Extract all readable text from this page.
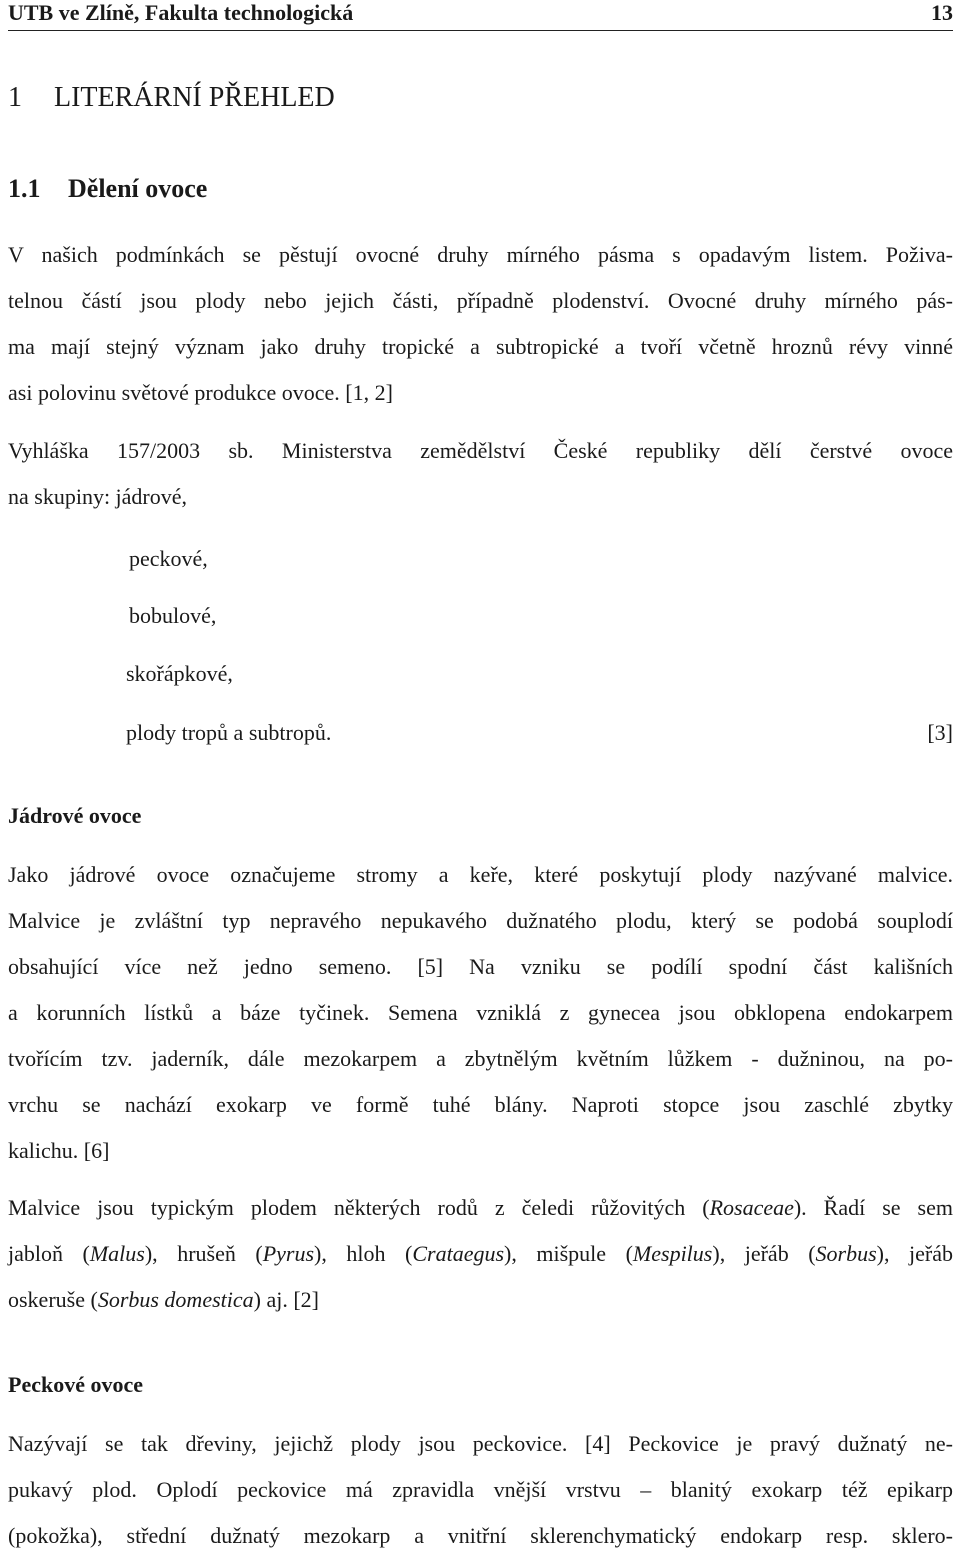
UTB ve Zlíně, Fakulta technologická	13
1 LITERÁRNÍ PŘEHLED
1.1 Dělení ovoce
V našich podmínkách se pěstují ovocné druhy mírného pásma s opadavým listem. Poživa-
telnou částí jsou plody nebo jejich části, případně plodenství. Ovocné druhy mírného pás-
ma mají stejný význam jako druhy tropické a subtropické a tvoří včetně hroznů révy vinné
asi polovinu světové produkce ovoce. [1, 2]
Vyhláška 157/2003 sb. Ministerstva zemědělství České republiky dělí čerstvé ovoce
na skupiny: jádrové,
peckové,
bobulové,
skořápkové,
plody tropů a subtropů.	[3]
Jádrové ovoce
Jako jádrové ovoce označujeme stromy a keře, které poskytují plody nazývané malvice.
Malvice je zvláštní typ nepravého nepukavého dužnatého plodu, který se podobá souplodí
obsahující více než jedno semeno. [5] Na vzniku se podílí spodní část kališních
a korunních lístků a báze tyčinek. Semena vzniklá z gynecea jsou obklopena endokarpem
tvořícím tzv. jaderník, dále mezokarpem a zbytnělým květním lůžkem - dužninou, na po-
vrchu se nachází exokarp ve formě tuhé blány. Naproti stopce jsou zaschlé zbytky
kalichu. [6]
Malvice jsou typickým plodem některých rodů z čeledi růžovitých (Rosaceae). Řadí se sem
jabloň (Malus), hrušeň (Pyrus), hloh (Crataegus), mišpule (Mespilus), jeřáb (Sorbus), jeřáb
oskeruše (Sorbus domestica) aj. [2]
Peckové ovoce
Nazývají se tak dřeviny, jejichž plody jsou peckovice. [4] Peckovice je pravý dužnatý ne-
pukavý plod. Oplodí peckovice má zpravidla vnější vrstvu – blanitý exokarp též epikarp
(pokožka), střední dužnatý mezokarp a vnitřní sklerenchymatický endokarp resp. sklero-
